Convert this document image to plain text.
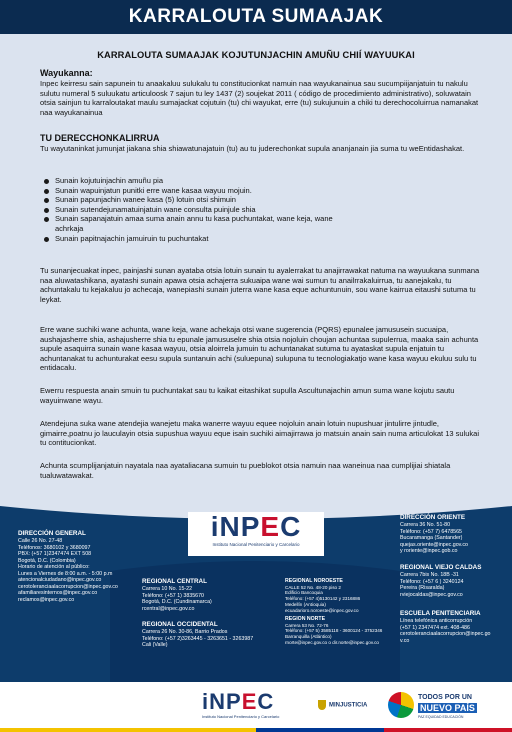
KARRALOUTA SUMAAJAK
KARRALOUTA SUMAAJAK KOJUTUNJACHIN AMUÑU CHIÍ WAYUUKAI
Wayukanna:
Inpec keirresu sain sapunein tu anaakaluu sulukalu tu constitucionkat namuin naa wayukanainua sau sucumpiijanjatuin tu nakulu sulutu numeral 5 suluukatu articuloosk 7 sajun tu ley 1437 (2) soujekat 2011 ( código de procedimiento administrativo), soluwatain otsia sainjun tu karraloutakat maulu sumajackat cojutuin (tu) chi wayukat, erre (tu) sukujunuin a chiki tu derechocoluirrua namanakat naa wayukanainua
TU DERECCHONKALIRRUA
Tu wayutaninkat jumunjat jiakana shia shiawatunajatuin (tu) au tu juderechonkat supula ananjanain jia suma tu weEntidashakat.
Sunain kojutuinjachin amuñu pia
Sunain wapuinjatun punitki erre wane kasaa wayuu mojuin.
Sunain papunjachin wanee kasa (5) lotuin otsi shimuin
Sunain sutendejunamatuinjatuin wane consulta puinjule shia
Sunain sapanajatuin amaa suma anain annu tu kasa puchuntakat, wane keja, wane achrkaja
Sunain papitnajachin jamuiruin tu puchuntakat
Tu sunanjecuakat inpec, painjashi sunan ayataba otsia lotuin sunain tu ayalerrakat tu anajirrawakat natuma na wayuukana sunmana naa aluwatashikana, ayatashi sunain apawa otsia achajerra sukuaipa wane wai sumun tu anailrrakaluirrua, tu aanejakalu, tu achuntakalu tu kejakaluu jo achecaja, wanepiashi sunain juterra wane kasa eque achuntunuin, sou wane kairrua eitaushi sutuma tu leykat.
Erre wane suchiki wane achunta, wane keja, wane achekaja otsi wane sugerencia (PQRS) epunalee jamususein sucuaipa, aushajasherre shia, ashajusherre shia tu epunale jamususelre shia otsia nojoluin choujan achuntaa supulerrua, maaka sain achunta supule asaquirra sunain wane kasaa wayuu, otsia aloirrela jumuin tu achuntanakat sutuma tu ayataskat supula enjatuin tu achuntanakat tu achunturakat eesu supula suntanuin achi (suluepuna) sulupuna tu tecnologiakatjo wane kasa wayuu ekuluu sulu tu entidacalu.
Ewerru respuesta anain smuin tu puchuntakat sau tu kaikat eitashikat supulla Ascultunajachin amun suma wane kojutu sautu wayuinwane wayu.
Atendejuna suka wane atendejia wanejetu maka wanerre wayuu equee nojoluin anain lotuin nupushuar jintulirre jintudle, gimairre,poatnu jo lauculayin otsia supushua wayuu eque isain suchiki aimajirrawa jo matsuin anain sain numa articulokat 13 sulukai tu contitucionkat.
Achunta scumplijanjatuin nayatala naa ayataliacana sumuin tu pueblokot otsia namuin naa waneinua naa cumplijiai shiatala tualuwatawakat.
iNPEC
Instituto Nacional Penitenciario y Carcelario
DIRECCIÓN GENERAL
Calle 26 No. 27-48
Teléfonos: 3680102 y 3680097
PBX: (+57 1)2347474 EXT 508
Bogotá, D.C. (Colombia)
Horario de atención al público:
Lunes a Viernes de 8:00 a.m. - 5:00 p.m
atencionalciudadano@inpec.gov.co
cerotoleranciaalacorrupcion@inpec.gov.co
afamiliaresinternos@inpec.gov.co
reclamos@inpec.gov.co
REGIONAL CENTRAL
Carrera 10 No. 15-22
Teléfono: (+57 1) 3835670
Bogotá, D.C. (Cundinamarca)
rcentral@inpec.gov.co
REGIONAL OCCIDENTAL
Carrera 26 No. 30-86, Barrio Prados
Teléfono: (+57 2)3263445 - 3263651 - 3263987
Cali (Valle)
REGIONAL NOROESTE
CALLE 52 No. 48-20 piso 2
Edificio Bancoquia
Teléfono: (+57 4)5130142 y 2316886
Medellín (Antioquia)
ecuadarioro.noroeste@inpec.gov.co
REGION NORTE
Carrera 53 No. 72-76
Teléfono: (+57 5) 3585118 - 3600124 - 3752346
Barranquilla (Atlántico)
rnorte@inpec.gov.co o dir.norte@inpec.gov.co
DIRECCIÓN ORIENTE
Carrera 36 No. 51-80
Teléfono: (+57 7) 6478565
Bucaramanga (Santander)
quejas.oriente@inpec.gov.co
y roriente@inpec.gob.co
REGIONAL VIEJO CALDAS
Carrera 7bis No. 18B -31
Teléfono: (+57 6 ) 3240124
Pereira (Risaralda)
rviejocaldas@inpec.gov.co
ESCUELA PENITENCIARIA
Línea telefónica anticorrupción
(+57 1) 2347474 ext. 408-486
cerotoleranciaalacorrupcion@inpec.go
v.co
iNPEC
Instituto Nacional Penitenciario y Carcelario
MINJUSTICIA
TODOS POR UN
NUEVO PAÍS
PAZ EQUIDAD EDUCACIÓN
